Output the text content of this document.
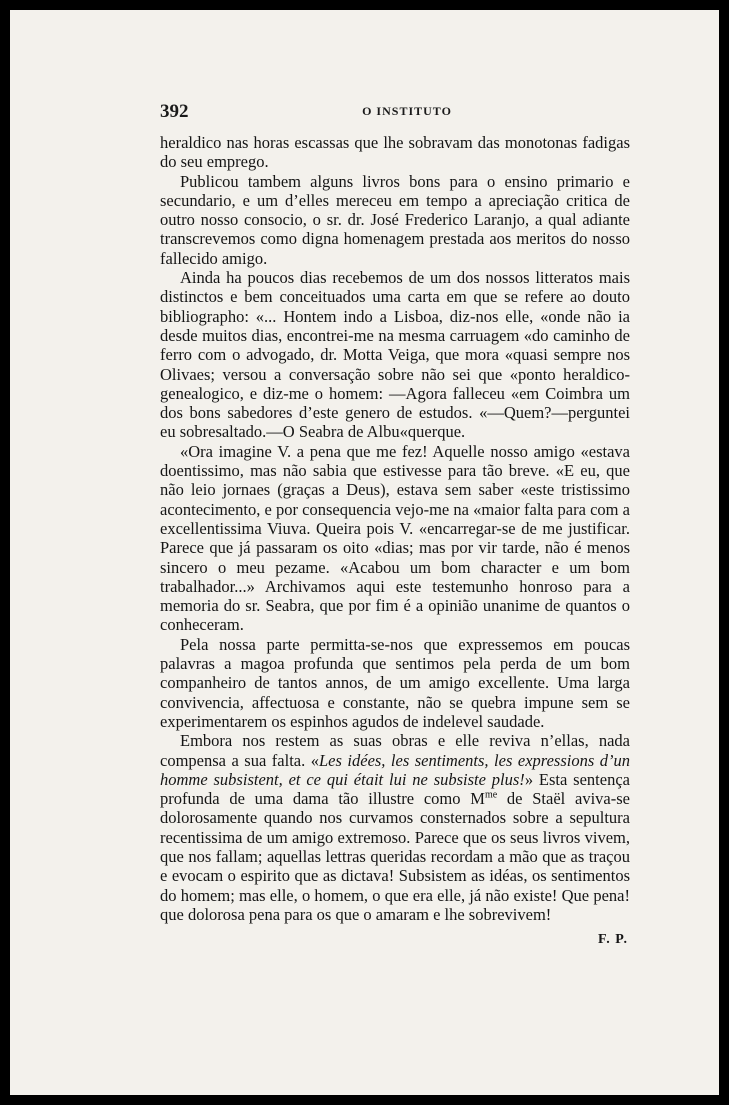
392	O INSTITUTO

heraldico nas horas escassas que lhe sobravam das monotonas fadigas do seu emprego.

Publicou tambem alguns livros bons para o ensino primario e secundario, e um d’elles mereceu em tempo a apreciação critica de outro nosso consocio, o sr. dr. José Frederico Laranjo, a qual adiante transcrevemos como digna homenagem prestada aos meritos do nosso fallecido amigo.

Ainda ha poucos dias recebemos de um dos nossos litteratos mais distinctos e bem conceituados uma carta em que se refere ao douto bibliographo: «... Hontem indo a Lisboa, diz-nos elle, «onde não ia desde muitos dias, encontrei-me na mesma carruagem «do caminho de ferro com o advogado, dr. Motta Veiga, que mora «quasi sempre nos Olivaes; versou a conversação sobre não sei que «ponto heraldico-genealogico, e diz-me o homem: —Agora falleceu «em Coimbra um dos bons sabedores d’este genero de estudos. «—Quem?—perguntei eu sobresaltado.—O Seabra de Albu«querque.

«Ora imagine V. a pena que me fez! Aquelle nosso amigo «estava doentissimo, mas não sabia que estivesse para tão breve. «E eu, que não leio jornaes (graças a Deus), estava sem saber «este tristissimo acontecimento, e por consequencia vejo-me na «maior falta para com a excellentissima Viuva. Queira pois V. «encarregar-se de me justificar. Parece que já passaram os oito «dias; mas por vir tarde, não é menos sincero o meu pezame. «Acabou um bom character e um bom trabalhador...» Archivamos aqui este testemunho honroso para a memoria do sr. Seabra, que por fim é a opinião unanime de quantos o conheceram.

Pela nossa parte permitta-se-nos que expressemos em poucas palavras a magoa profunda que sentimos pela perda de um bom companheiro de tantos annos, de um amigo excellente. Uma larga convivencia, affectuosa e constante, não se quebra impune sem se experimentarem os espinhos agudos de indelevel saudade.

Embora nos restem as suas obras e elle reviva n’ellas, nada compensa a sua falta. «Les idées, les sentiments, les expressions d’un homme subsistent, et ce qui était lui ne subsiste plus!» Esta sentença profunda de uma dama tão illustre como $M^{me}$ de Staël aviva-se dolorosamente quando nos curvamos consternados sobre a sepultura recentissima de um amigo extremoso. Parece que os seus livros vivem, que nos fallam; aquellas lettras queridas recordam a mão que as traçou e evocam o espirito que as dictava! Subsistem as idéas, os sentimentos do homem; mas elle, o homem, o que era elle, já não existe! Que pena! que dolorosa pena para os que o amaram e lhe sobrevivem!

F. P.
